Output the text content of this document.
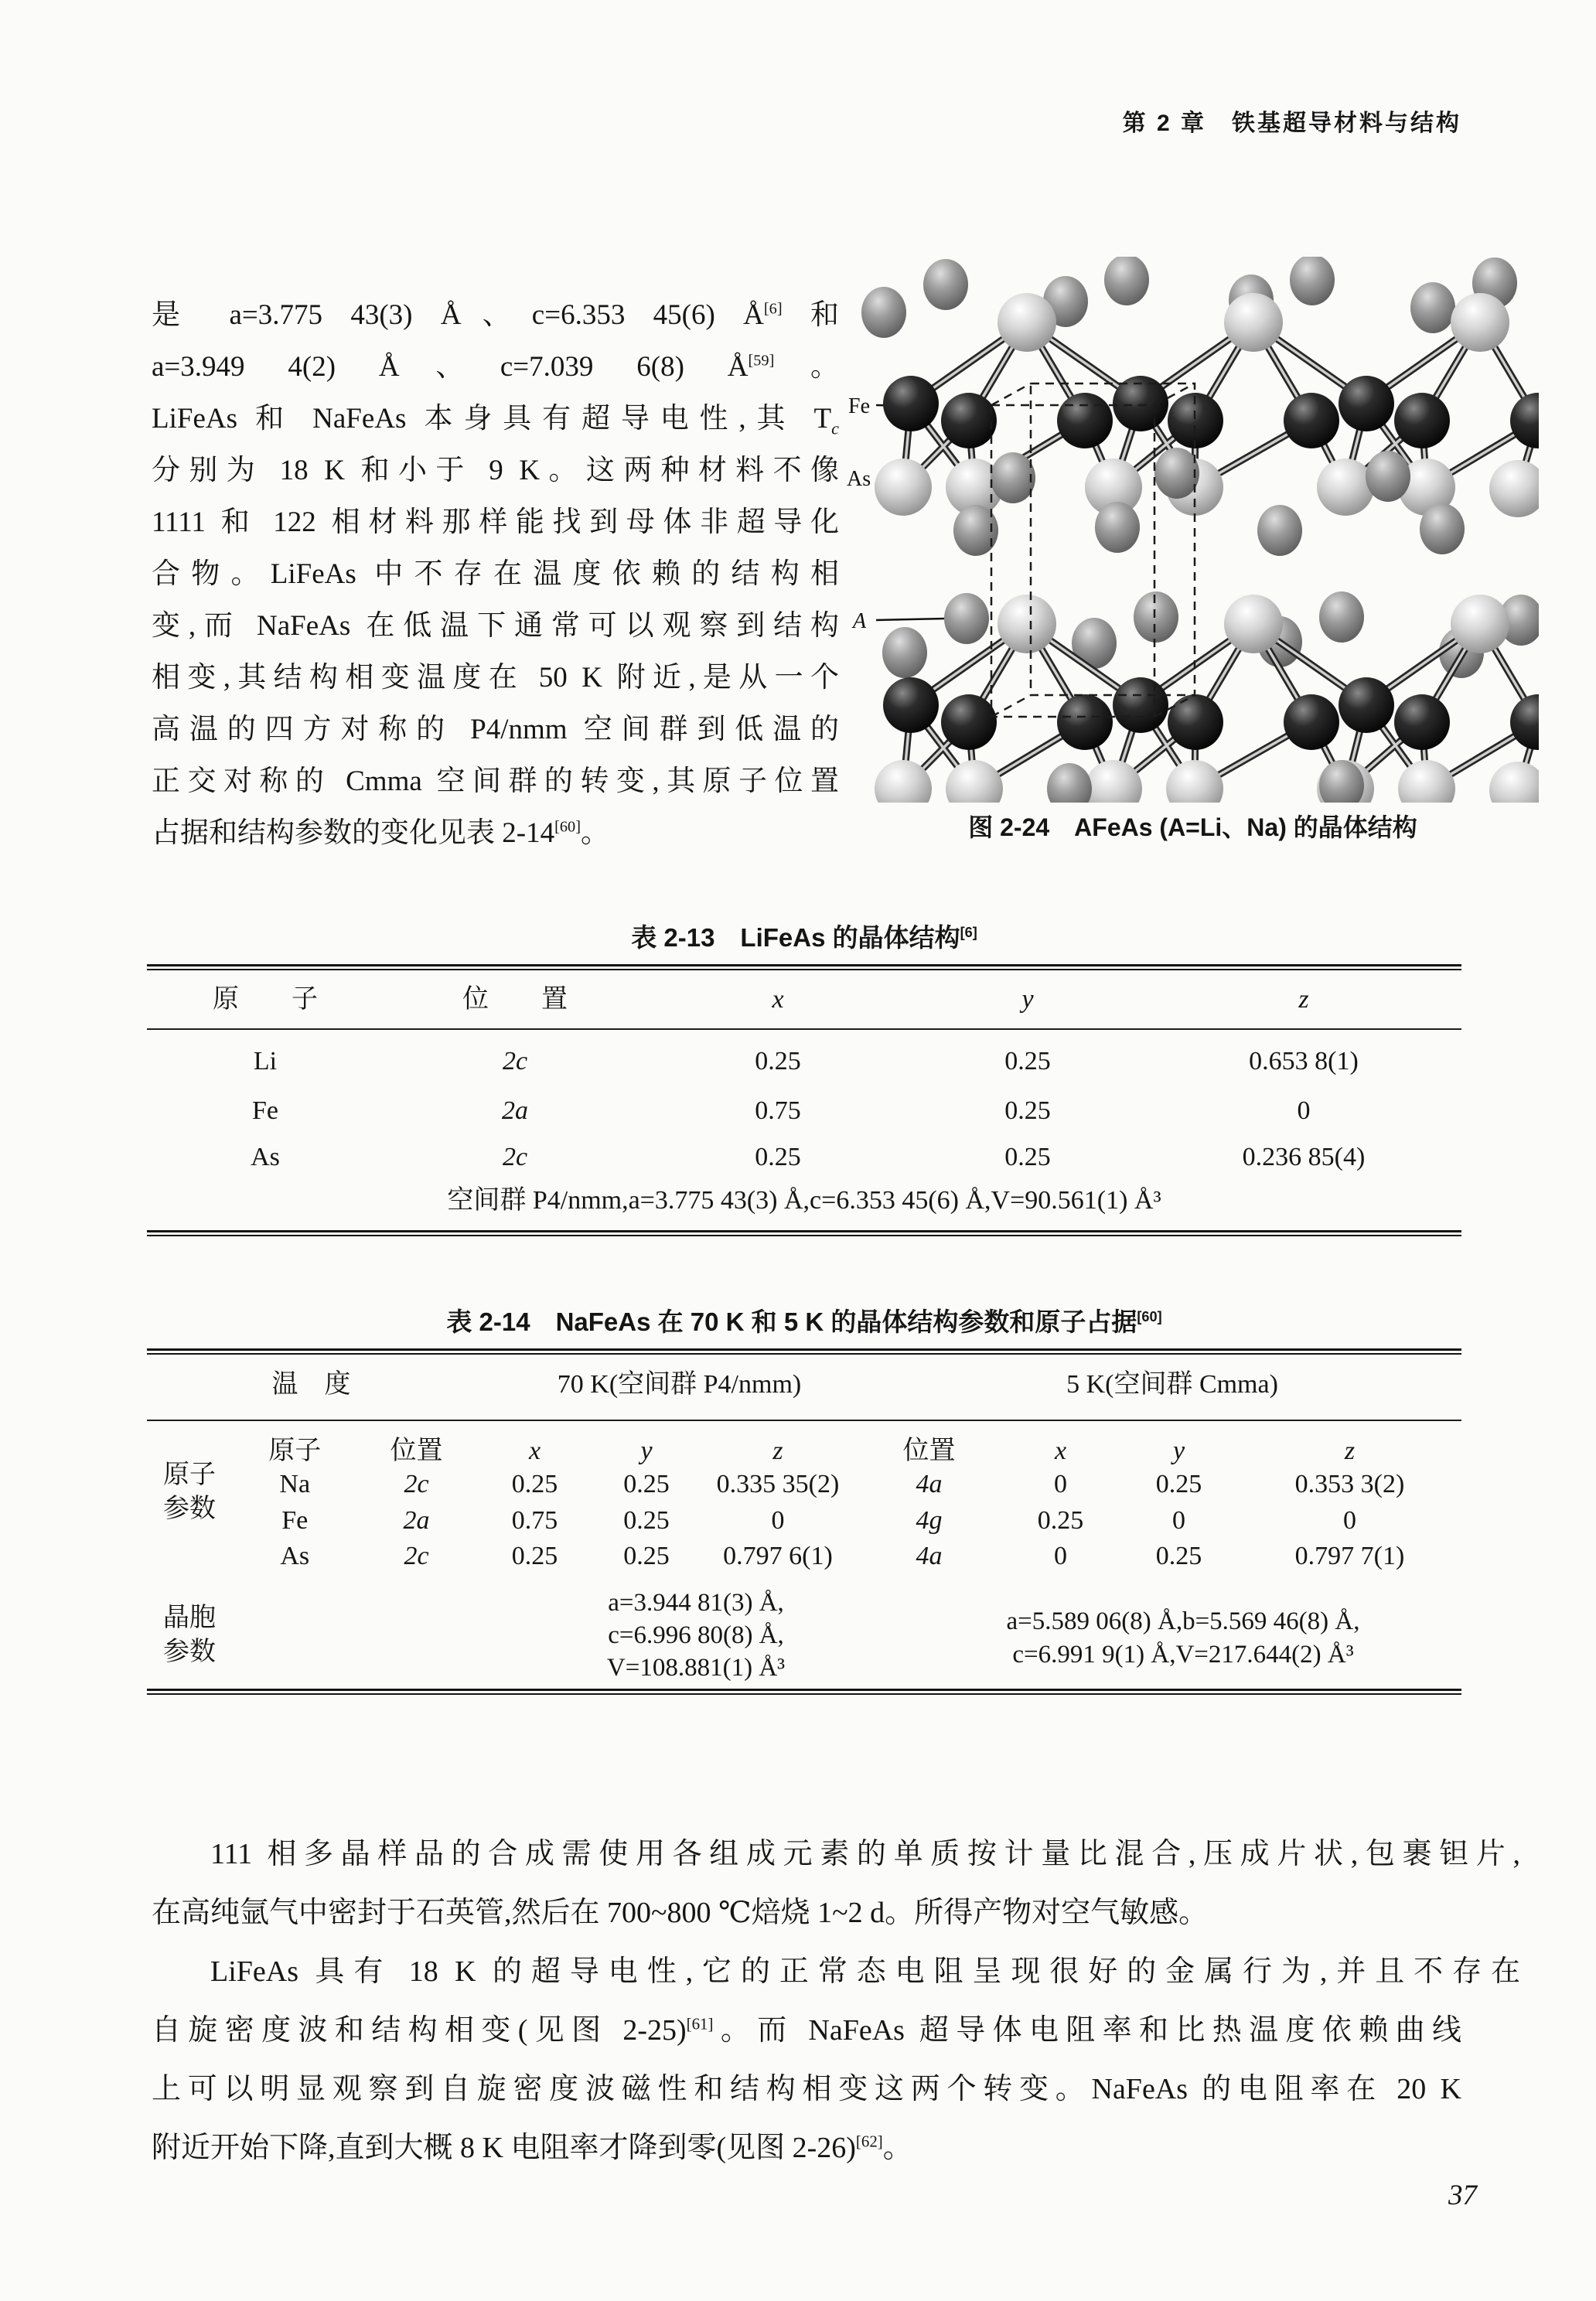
第 2 章　铁基超导材料与结构
是 a=3.775 43(3) Å、c=6.353 45(6) Å[6] 和
a=3.949 4(2) Å、c=7.039 6(8) Å[59]。
LiFeAs 和 NaFeAs 本身具有超导电性,其 $T_c$
分别为 18 K 和小于 9 K。这两种材料不像
1111 和 122 相材料那样能找到母体非超导化
合物。LiFeAs 中不存在温度依赖的结构相
变,而 NaFeAs 在低温下通常可以观察到结构
相变,其结构相变温度在 50 K 附近,是从一个
高温的四方对称的 P4/nmm 空间群到低温的
正交对称的 Cmma 空间群的转变,其原子位置
占据和结构参数的变化见表 2-14[60]。
Fe
As
A
图 2-24　AFeAs (A=Li、Na) 的晶体结构
表 2-13　LiFeAs 的晶体结构[6]
原　　子	位　　置	x	y	z
Li	2c	0.25	0.25	0.653 8(1)
Fe	2a	0.75	0.25	0
As	2c	0.25	0.25	0.236 85(4)
空间群 P4/nmm,a=3.775 43(3) Å,c=6.353 45(6) Å,V=90.561(1) Å³
表 2-14　NaFeAs 在 70 K 和 5 K 的晶体结构参数和原子占据[60]
温　度	70 K(空间群 P4/nmm)	5 K(空间群 Cmma)
原子	位置	x	y	z	位置	x	y	z
原子
参数
Na	2c	0.25	0.25	0.335 35(2)	4a	0	0.25	0.353 3(2)
Fe	2a	0.75	0.25	0	4g	0.25	0	0
As	2c	0.25	0.25	0.797 6(1)	4a	0	0.25	0.797 7(1)
晶胞
参数
a=3.944 81(3) Å,
c=6.996 80(8) Å,
V=108.881(1) Å³
a=5.589 06(8) Å,b=5.569 46(8) Å,
c=6.991 9(1) Å,V=217.644(2) Å³
111 相多晶样品的合成需使用各组成元素的单质按计量比混合,压成片状,包裹钽片,
在高纯氩气中密封于石英管,然后在 700~800 ℃焙烧 1~2 d。所得产物对空气敏感。
LiFeAs 具有 18 K 的超导电性,它的正常态电阻呈现很好的金属行为,并且不存在
自旋密度波和结构相变(见图 2-25)[61]。而 NaFeAs 超导体电阻率和比热温度依赖曲线
上可以明显观察到自旋密度波磁性和结构相变这两个转变。NaFeAs 的电阻率在 20 K
附近开始下降,直到大概 8 K 电阻率才降到零(见图 2-26)[62]。
37
